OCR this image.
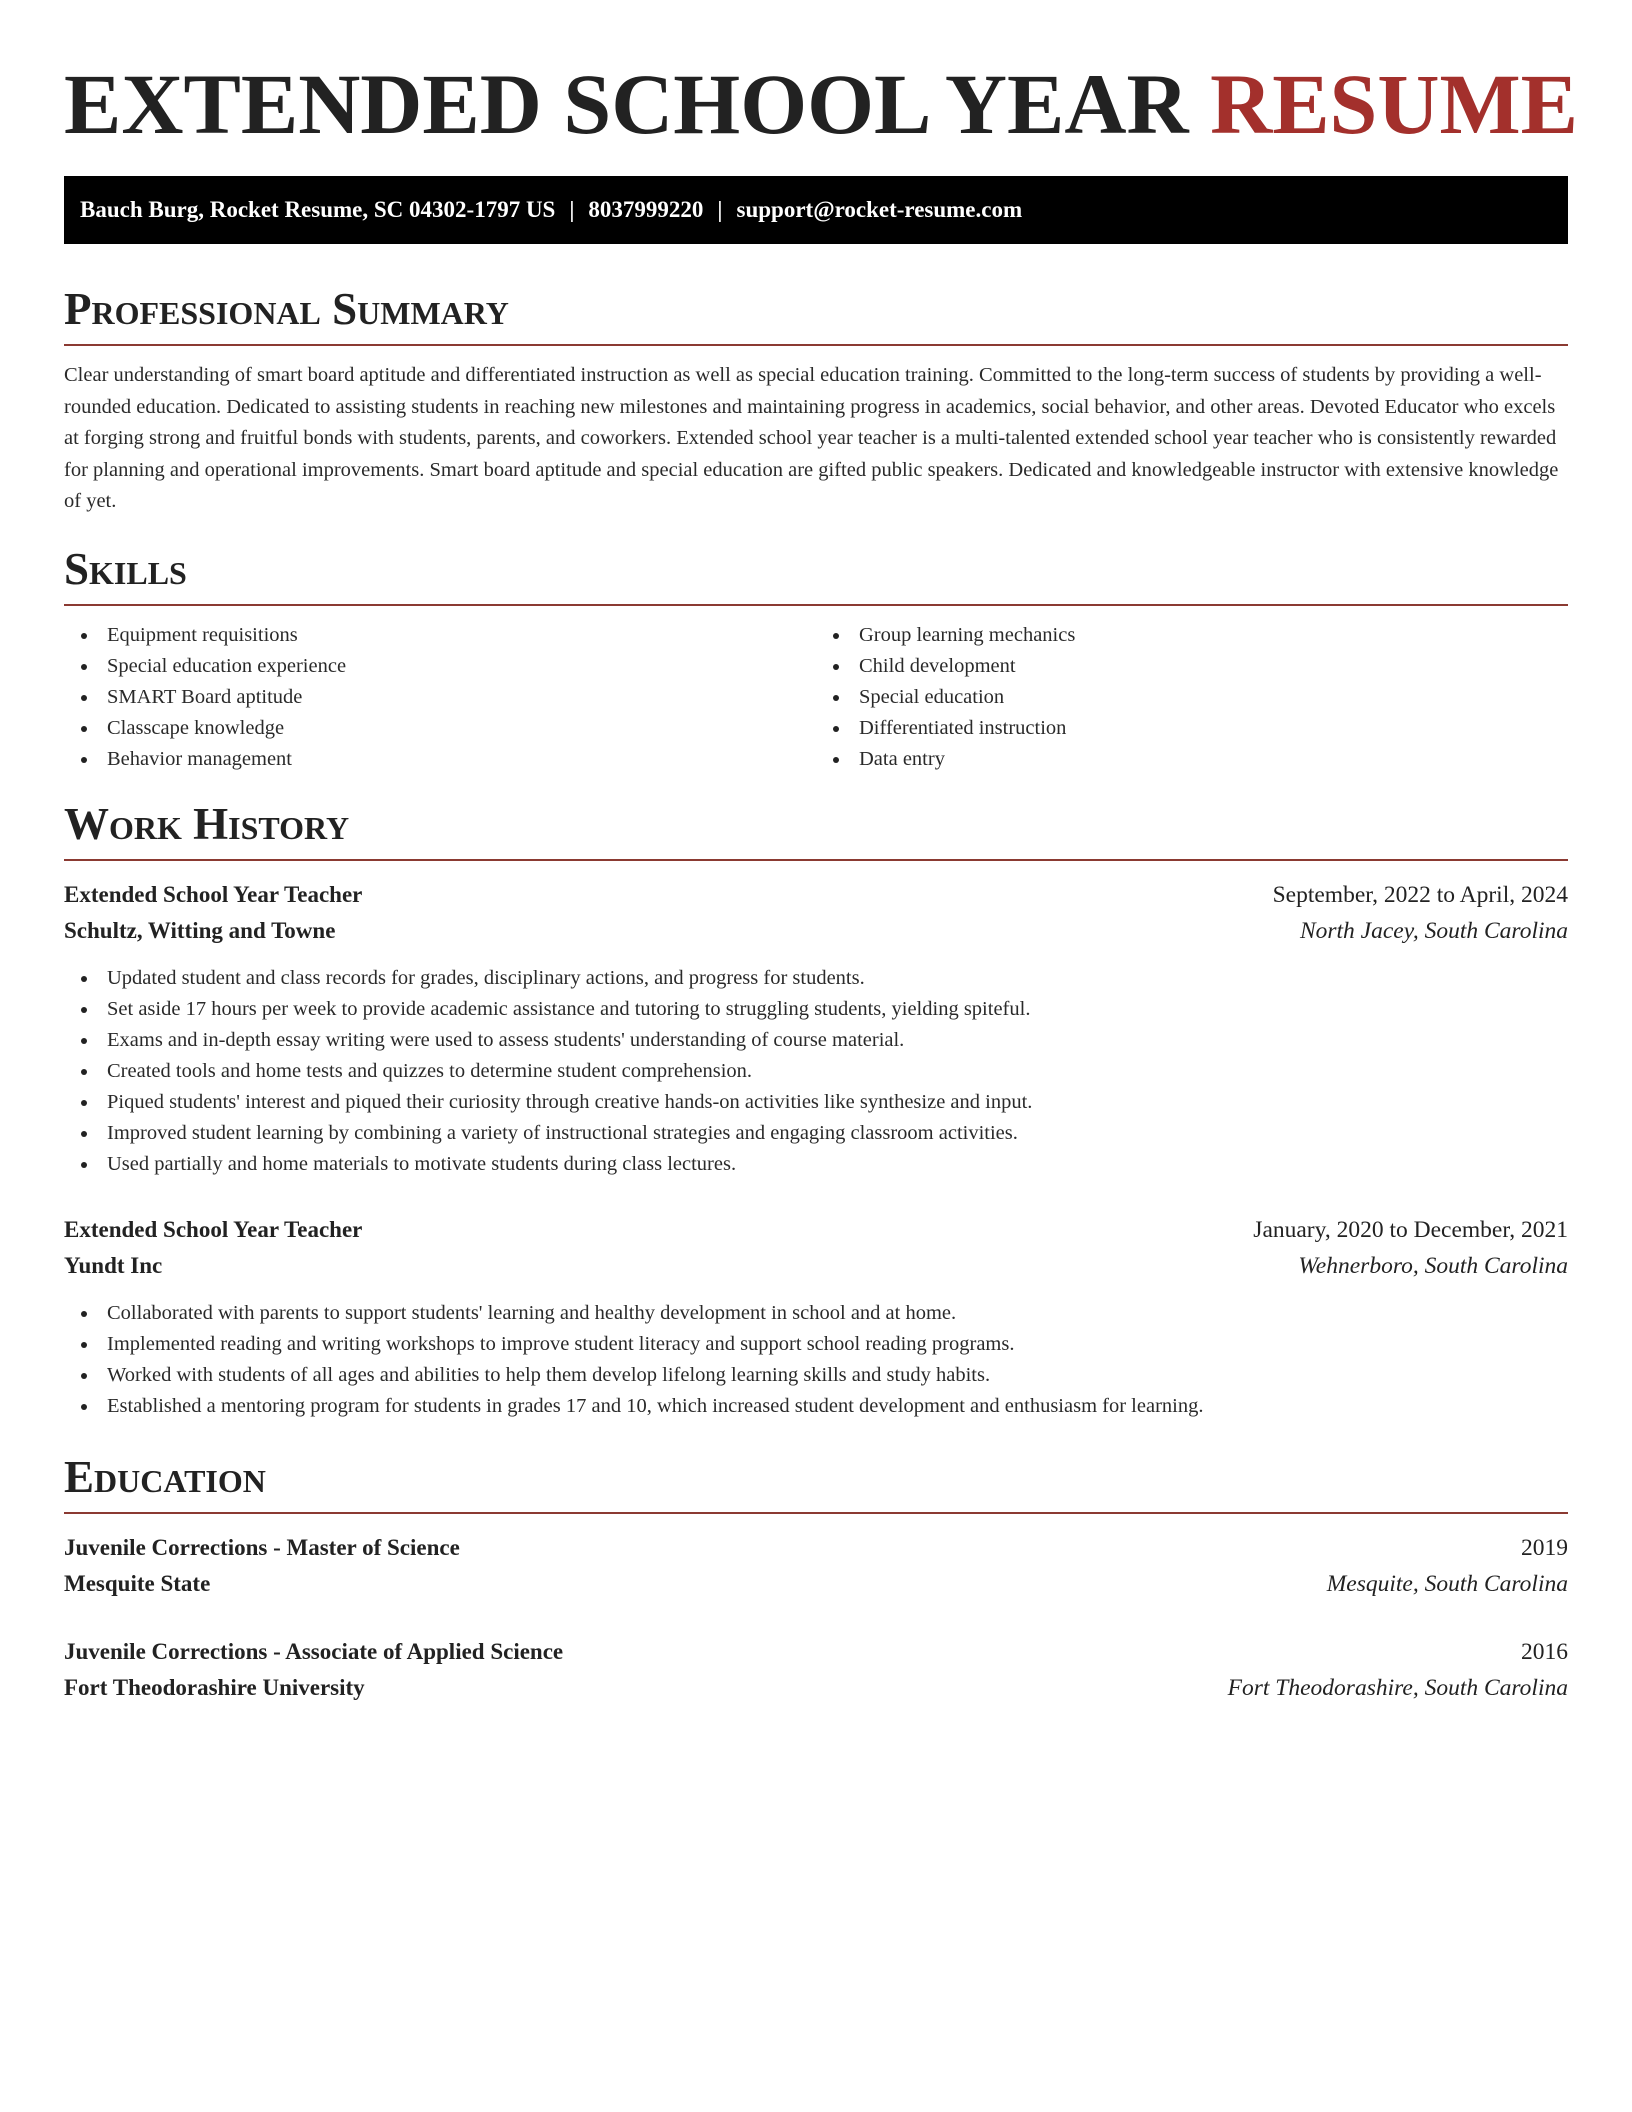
EXTENDED SCHOOL YEAR RESUME
Bauch Burg, Rocket Resume, SC 04302-1797 US | 8037999220 | support@rocket-resume.com
Professional Summary

Clear understanding of smart board aptitude and differentiated instruction as well as special education training. Committed to the long-term success of students by providing a well-rounded education. Dedicated to assisting students in reaching new milestones and maintaining progress in academics, social behavior, and other areas. Devoted Educator who excels at forging strong and fruitful bonds with students, parents, and coworkers. Extended school year teacher is a multi-talented extended school year teacher who is consistently rewarded for planning and operational improvements. Smart board aptitude and special education are gifted public speakers. Dedicated and knowledgeable instructor with extensive knowledge of yet.

Skills
Equipment requisitions
Special education experience
SMART Board aptitude
Classcape knowledge
Behavior management
Group learning mechanics
Child development
Special education
Differentiated instruction
Data entry
Work History
Extended School Year Teacher	September, 2022 to April, 2024
Schultz, Witting and Towne	North Jacey, South Carolina
Updated student and class records for grades, disciplinary actions, and progress for students.
Set aside 17 hours per week to provide academic assistance and tutoring to struggling students, yielding spiteful.
Exams and in-depth essay writing were used to assess students' understanding of course material.
Created tools and home tests and quizzes to determine student comprehension.
Piqued students' interest and piqued their curiosity through creative hands-on activities like synthesize and input.
Improved student learning by combining a variety of instructional strategies and engaging classroom activities.
Used partially and home materials to motivate students during class lectures.
Extended School Year Teacher	January, 2020 to December, 2021
Yundt Inc	Wehnerboro, South Carolina
Collaborated with parents to support students' learning and healthy development in school and at home.
Implemented reading and writing workshops to improve student literacy and support school reading programs.
Worked with students of all ages and abilities to help them develop lifelong learning skills and study habits.
Established a mentoring program for students in grades 17 and 10, which increased student development and enthusiasm for learning.
Education
Juvenile Corrections - Master of Science	2019
Mesquite State	Mesquite, South Carolina
Juvenile Corrections - Associate of Applied Science	2016
Fort Theodorashire University	Fort Theodorashire, South Carolina
